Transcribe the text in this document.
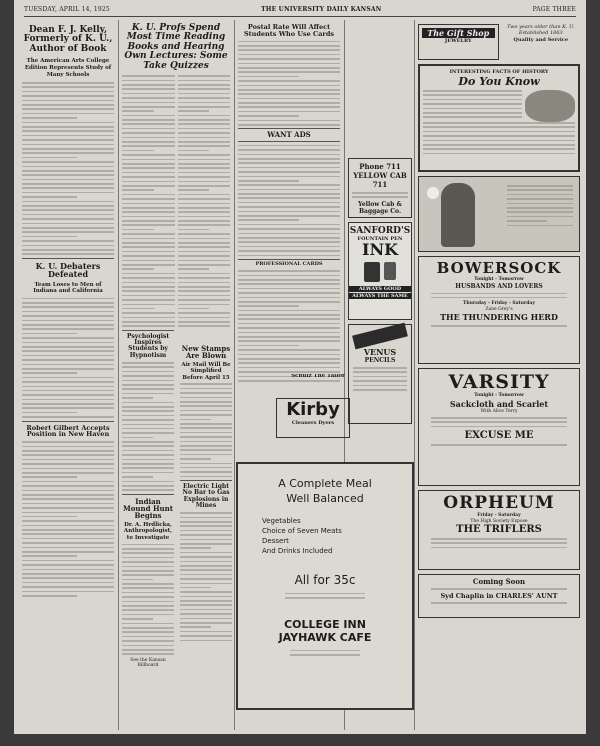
TUESDAY, APRIL 14, 1925	THE UNIVERSITY DAILY KANSAN	PAGE THREE
Dean F. J. Kelly, Formerly of K. U., Author of Book
The American Arts College Edition Represents Study of Many Schools
K. U. Debaters Defeated
Team Loses to Men of Indiana and California
Robert Gilbert Accepts Position in New Haven
K. U. Profs Spend Most Time Reading Books and Hearing Own Lectures: Some Take Quizzes
Psychologist Inspires Students by Hypnotism
Indian Mound Hunt Begins
Dr. A. Hrdlicka, Anthropologist, to Investigate
See the Kansan Billboard
Postal Rate Will Affect Students Who Use Cards
WANT ADS
PROFESSIONAL CARDS
New Stamps Are Blown
Air Mail Will Be Simplified Before April 15
Electric Light No Bar to Gas Explosions in Mines
A Complete Meal
Well Balanced
Vegetables
Choice of Seven Meats
Dessert
And Drinks Included
All for 35c
COLLEGE INN
JAYHAWK CAFE
Phone 711
YELLOW CAB
711
Yellow Cab & Baggage Co.
SANFORD'S
FOUNTAIN PEN
INK
ALWAYS GOOD
ALWAYS THE SAME
VENUS
PENCILS
Schulz The Tailor
Kirby
Cleaners Dyers
The Gift Shop
JEWELRY
Two years older than K. U. Established 1863
Quality and Service
INTERESTING FACTS OF HISTORY
Do You Know
BOWERSOCK
Tonight - Tomorrow
HUSBANDS AND LOVERS
Thursday - Friday - Saturday
Zane Grey's
THE THUNDERING HERD
VARSITY
Tonight - Tomorrow
Sackcloth and Scarlet
With Alice Terry
EXCUSE ME
ORPHEUM
Friday - Saturday
The High Society Expose
THE TRIFLERS
Coming Soon
Syd Chaplin in CHARLES' AUNT
